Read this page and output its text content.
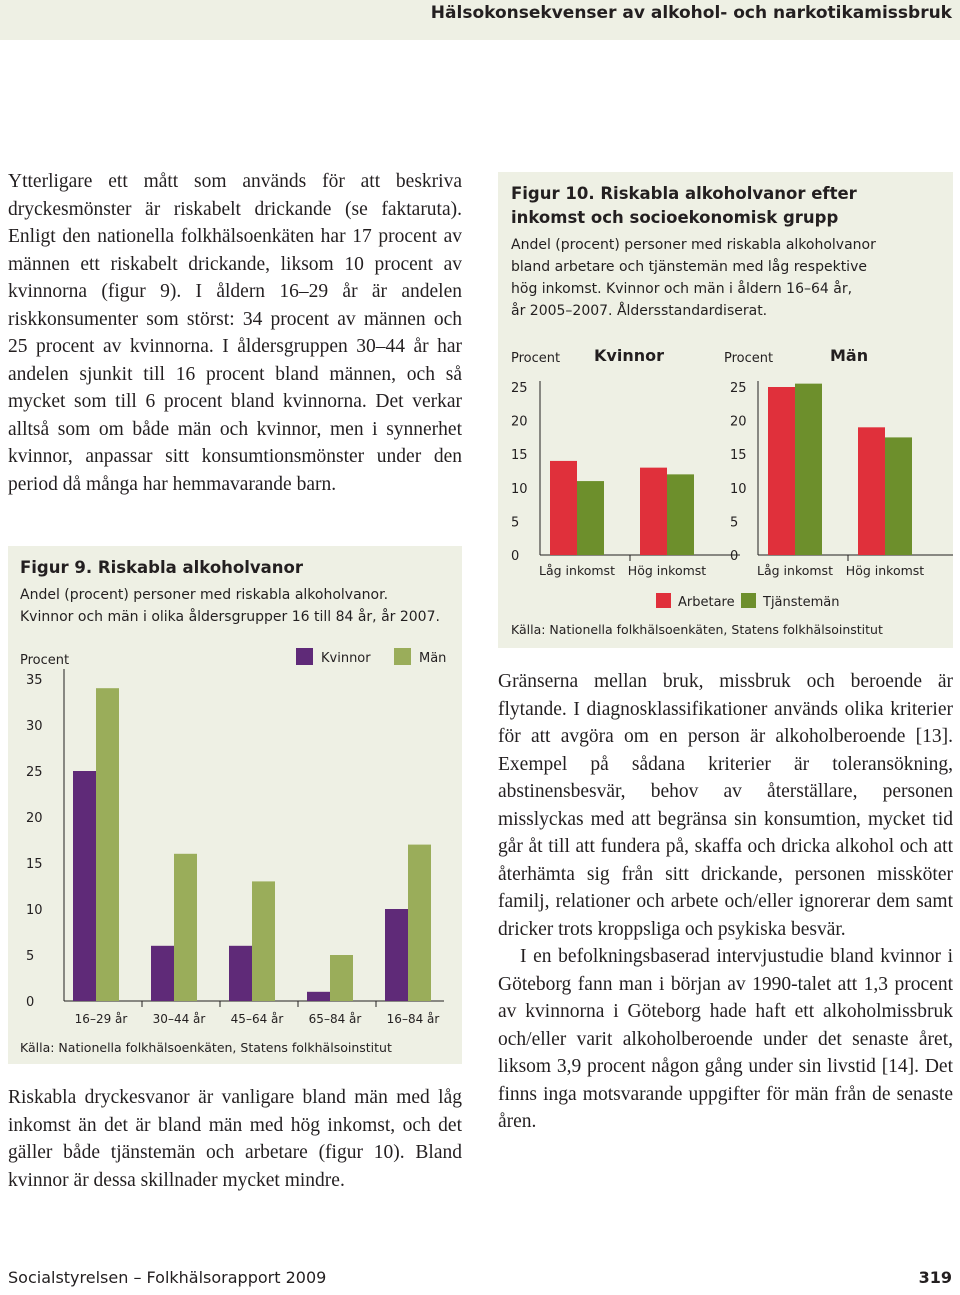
Hälsokonsekvenser av alkohol- och narkotikamissbruk

Ytterligare ett mått som används för att beskriva dryckesmönster är riskabelt drickande (se faktaruta). Enligt den nationella folkhälsoenkäten har 17 procent av männen ett riskabelt drickande, liksom 10 procent av kvinnorna (figur 9). I åldern 16–29 år är andelen riskkonsumenter som störst: 34 procent av männen och 25 procent av kvinnorna. I åldersgruppen 30–44 år har andelen sjunkit till 16 procent bland männen, och så mycket som till 6 procent bland kvinnorna. Det verkar alltså som om både män och kvinnor, men i synnerhet kvinnor, anpassar sitt konsumtionsmönster under den period då många har hemmavarande barn.

Figur 9. Riskabla alkoholvanor
Andel (procent) personer med riskabla alkoholvanor.
Kvinnor och män i olika åldersgrupper 16 till 84 år, år 2007.
Procent
0
5
10
15
20
25
30
35
16–29 år 30–44 år 45–64 år 65–84 år 16–84 år
Kvinnor	Män
Källa: Nationella folkhälsoenkäten, Statens folkhälsoinstitut

Riskabla dryckesvanor är vanligare bland män med låg inkomst än det är bland män med hög inkomst, och det gäller både tjänstemän och arbetare (figur 10). Bland kvinnor är dessa skillnader mycket mindre.

Figur 10. Riskabla alkoholvanor efter
inkomst och socioekonomisk grupp
Andel (procent) personer med riskabla alkoholvanor
bland arbetare och tjänstemän med låg respektive
hög inkomst. Kvinnor och män i åldern 16–64 år,
år 2005–2007. Åldersstandardiserat.
Procent Kvinnor
0
5
10
15
20
25
Låg inkomst Hög inkomst
Procent	Män
0
5
10
15
20
25
Låg inkomst Hög inkomst
Arbetare Tjänstemän
Källa: Nationella folkhälsoenkäten, Statens folkhälsoinstitut

Gränserna mellan bruk, missbruk och beroende är flytande. I diagnosklassifikationer används olika kriterier för att avgöra om en person är alkoholberoende [13]. Exempel på sådana kriterier är toleransökning, abstinensbesvär, behov av återställare, personen misslyckas med att begränsa sin konsumtion, mycket tid går åt till att fundera på, skaffa och dricka alkohol och att återhämta sig från sitt drickande, personen missköter familj, relationer och arbete och/eller ignorerar dem samt dricker trots kroppsliga och psykiska besvär.

I en befolkningsbaserad intervjustudie bland kvinnor i Göteborg fann man i början av 1990-talet att 1,3 procent av kvinnorna i Göteborg hade haft ett alkoholmissbruk och/eller varit alkoholberoende under det senaste året, liksom 3,9 procent någon gång under sin livstid [14]. Det finns inga motsvarande uppgifter för män från de senaste åren.

Socialstyrelsen – Folkhälsorapport 2009	319
